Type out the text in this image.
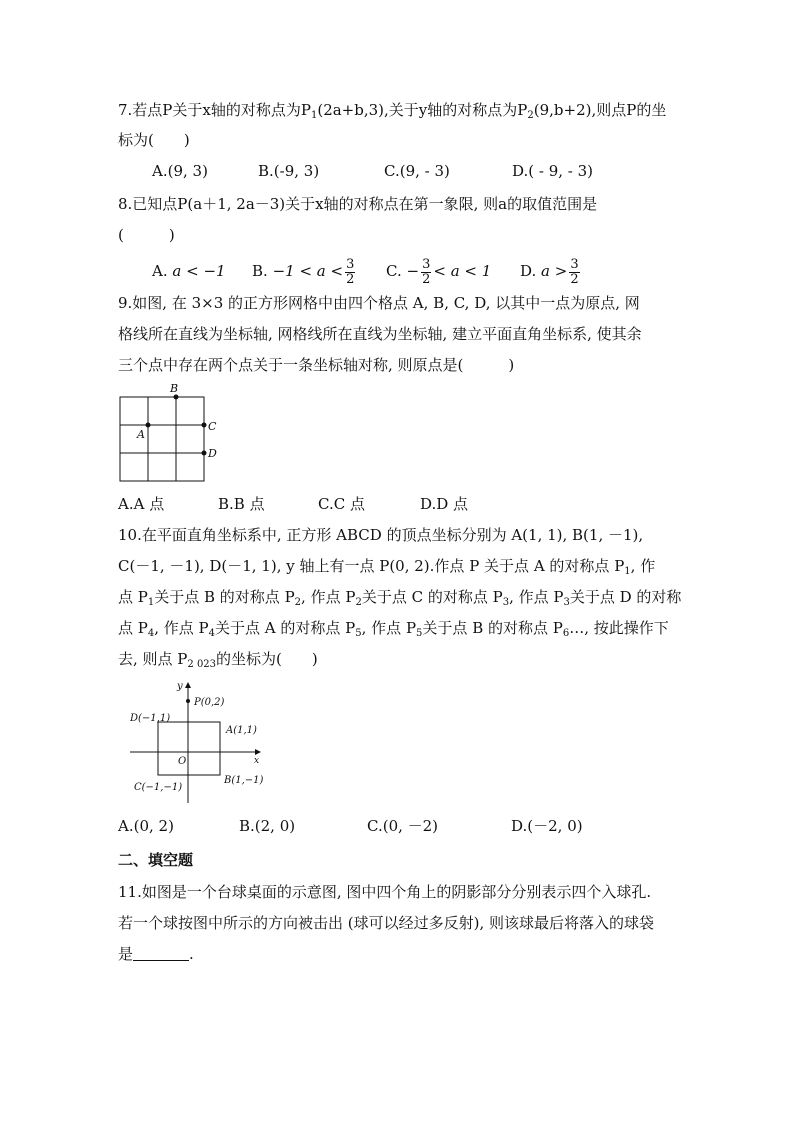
7.若点P关于x轴的对称点为$P_1(2a+b,3)$,关于y轴的对称点为$P_2(9,b+2)$,则点P的坐
标为(　　)
A.(9, 3)	B.(-9, 3)	C.(9, - 3)	D.( - 9, - 3)
8.已知点P(a＋1, 2a－3)关于x轴的对称点在第一象限, 则a的取值范围是
(　　　)
A. a < −1 B. $-1 < a < \frac{3}{2} C$. − $\frac{3}{2} < a < 1$ D. $a > \frac{3}{2}$
9.如图, 在 3×3 的正方形网格中由四个格点 A, B, C, D, 以其中一点为原点, 网
格线所在直线为坐标轴, 网格线所在直线为坐标轴, 建立平面直角坐标系, 使其余
三个点中存在两个点关于一条坐标轴对称, 则原点是(　　　)
B
A
C
D
A.A 点	B.B 点	C.C 点	D.D 点
10.在平面直角坐标系中, 正方形 ABCD 的顶点坐标分别为 A(1, 1), B(1, －1),
C(－1, －1), D(－1, 1), y 轴上有一点 P(0, 2).作点 P 关于点 A 的对称点 $P_1$, 作
点 $P_1$关于点 B 的对称点 $P_2$, 作点 $P_2$关于点 C 的对称点 $P_3$, 作点 $P_3$关于点 D 的对称
点 $P_4$, 作点 $P_4$关于点 A 的对称点 $P_5$, 作点 $P_5$关于点 B 的对称点 $P_6\dots$, 按此操作下
去, 则点 $P_{2 023}$的坐标为(　　)
y
x
O
P(0,2)
D(−1,1)
A(1,1)
C(−1,−1)
B(1,−1)
A.(0, 2)	B.(2, 0)	C.(0, －2)	D.(－2, 0)
二、填空题
11.如图是一个台球桌面的示意图, 图中四个角上的阴影部分分别表示四个入球孔.
若一个球按图中所示的方向被击出 (球可以经过多反射), 则该球最后将落入的球袋
是	.
